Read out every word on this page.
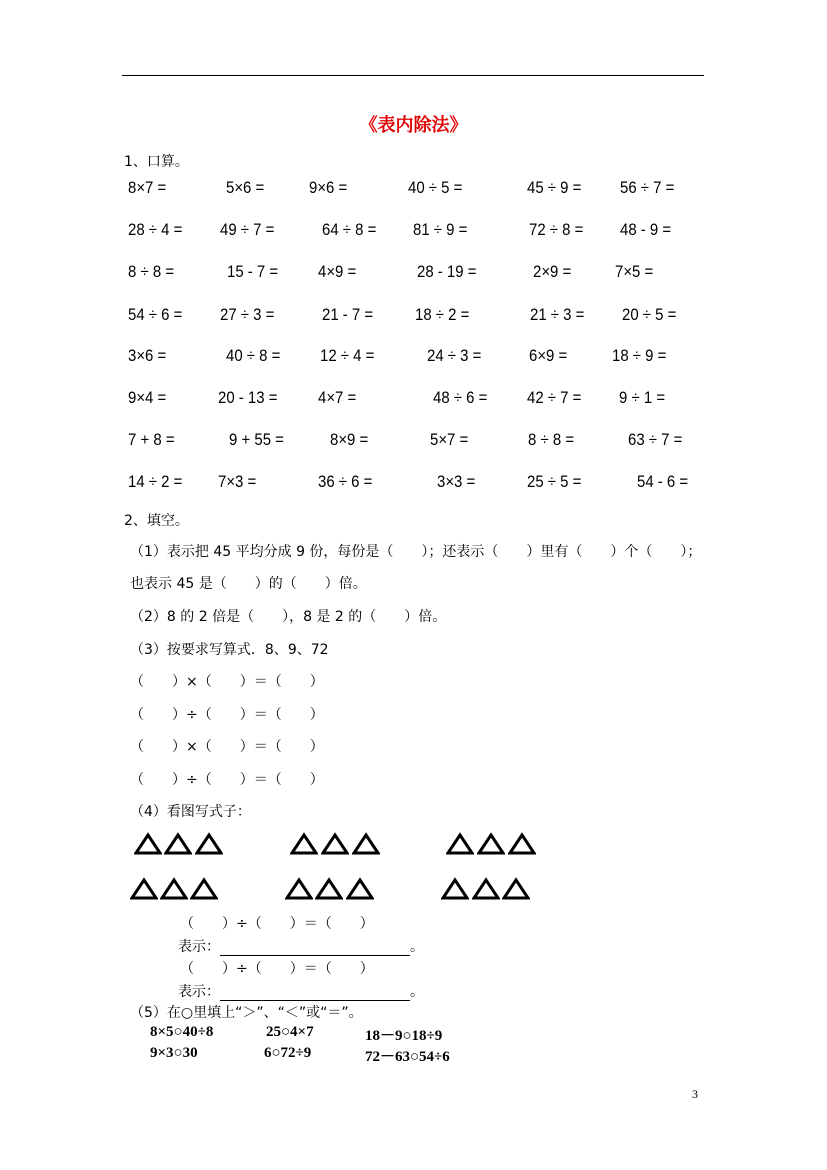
《表内除法》
1、口算。
8×7 =	5×6 =	9×6 =	40 ÷ 5 =	45 ÷ 9 = 56 ÷ 7 =
28 ÷ 4 = 49 ÷ 7 =	64 ÷ 8 = 81 ÷ 9 =	72 ÷ 8 = 48 - 9 =
8 ÷ 8 =	15 - 7 = 4×9 =	28 - 19 =	2×9 =	7×5 =
54 ÷ 6 = 27 ÷ 3 =	21 - 7 = 18 ÷ 2 =	21 ÷ 3 = 20 ÷ 5 =
3×6 =	40 ÷ 8 = 12 ÷ 4 =	24 ÷ 3 =	6×9 =	18 ÷ 9 =
9×4 =	20 - 13 = 4×7 =	48 ÷ 6 = 42 ÷ 7 = 9 ÷ 1 =
7 + 8 =	9 + 55 =	8×9 =	5×7 =	8 ÷ 8 =	63 ÷ 7 =
14 ÷ 2 = 7×3 =	36 ÷ 6 =	3×3 =	25 ÷ 5 =	54 - 6 =
2、填空。
（1）表示把 45 平均分成 9 份，每份是（　　）；还表示（　　）里有（　　）个（　　）；
也表示 45 是（　　）的（　　）倍。
（2）8 的 2 倍是（　　），8 是 2 的（　　）倍。
（3）按要求写算式．8、9、72
（　　）×（　　）＝（　　）
（　　）÷（　　）＝（　　）
（　　）×（　　）＝（　　）
（　　）÷（　　）＝（　　）
（4）看图写式子：
（　　）÷（　　）＝（　　）
表示：	。
（　　）÷（　　）＝（　　）
表示：	。
（5）在○里填上“＞”、“＜”或“＝”。
8×5○40÷8	25○4×7	18－9○18÷9
9×3○30	6○72÷9	72－63○54÷6
3
